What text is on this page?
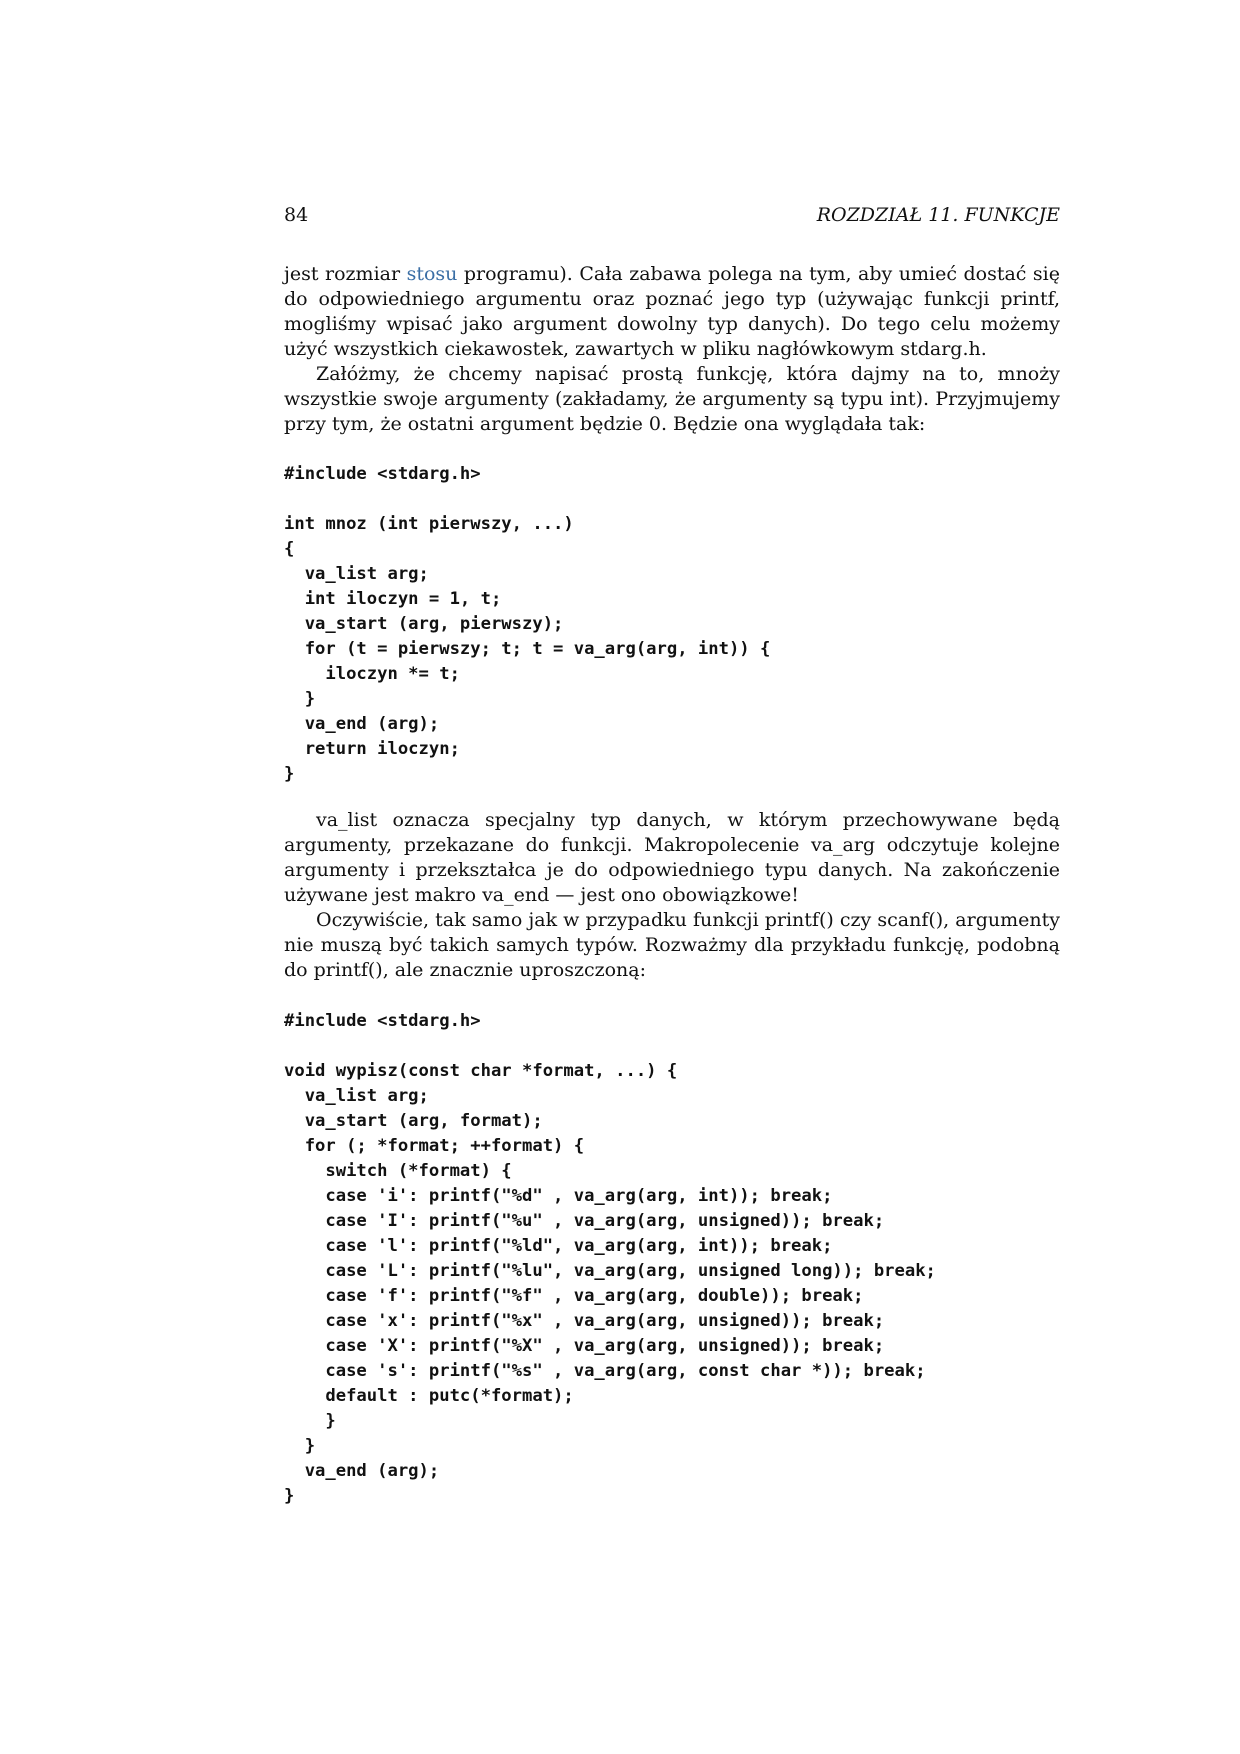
84	ROZDZIAŁ 11. FUNKCJE

jest rozmiar stosu programu). Cała zabawa polega na tym, aby umieć dostać się do odpowiedniego argumentu oraz poznać jego typ (używając funkcji printf, mogliśmy wpisać jako argument dowolny typ danych). Do tego celu możemy użyć wszystkich ciekawostek, zawartych w pliku nagłówkowym stdarg.h.

Załóżmy, że chcemy napisać prostą funkcję, która dajmy na to, mnoży wszystkie swoje argumenty (zakładamy, że argumenty są typu int). Przyjmujemy przy tym, że ostatni argument będzie 0. Będzie ona wyglądała tak:

#include <stdarg.h>

int mnoz (int pierwszy, ...)
{
va_list arg;
int iloczyn = 1, t;
va_start (arg, pierwszy);
for (t = pierwszy; t; t = va_arg(arg, int)) {
iloczyn *= t;
}
va_end (arg);
return iloczyn;
}

va_list oznacza specjalny typ danych, w którym przechowywane będą argumenty, przekazane do funkcji. Makropolecenie va_arg odczytuje kolejne argumenty i przekształca je do odpowiedniego typu danych. Na zakończenie używane jest makro va_end — jest ono obowiązkowe!

Oczywiście, tak samo jak w przypadku funkcji printf() czy scanf(), argumenty nie muszą być takich samych typów. Rozważmy dla przykładu funkcję, podobną do printf(), ale znacznie uproszczoną:

#include <stdarg.h>

void wypisz(const char *format, ...) {
va_list arg;
va_start (arg, format);
for (; *format; ++format) {
switch (*format) {
case 'i': printf("%d" , va_arg(arg, int)); break;
case 'I': printf("%u" , va_arg(arg, unsigned)); break;
case 'l': printf("%ld", va_arg(arg, int)); break;
case 'L': printf("%lu", va_arg(arg, unsigned long)); break;
case 'f': printf("%f" , va_arg(arg, double)); break;
case 'x': printf("%x" , va_arg(arg, unsigned)); break;
case 'X': printf("%X" , va_arg(arg, unsigned)); break;
case 's': printf("%s" , va_arg(arg, const char *)); break;
default : putc(*format);
}
}
va_end (arg);
}
